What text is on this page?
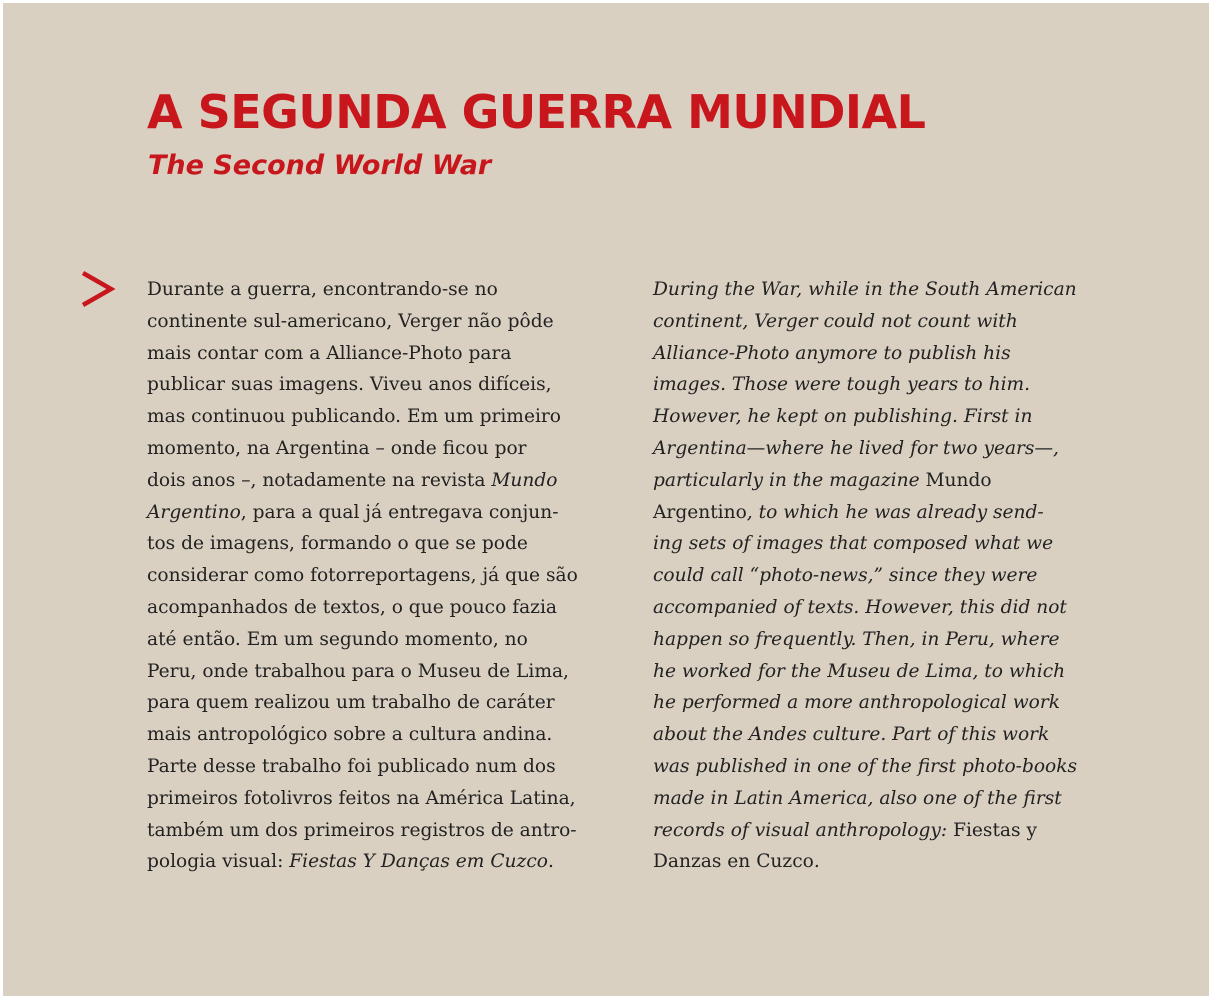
A SEGUNDA GUERRA MUNDIAL
The Second World War
Durante a guerra, encontrando-se no
continente sul-americano, Verger não pôde
mais contar com a Alliance-Photo para
publicar suas imagens. Viveu anos difíceis,
mas continuou publicando. Em um primeiro
momento, na Argentina – onde ficou por
dois anos –, notadamente na revista Mundo
Argentino, para a qual já entregava conjun-
tos de imagens, formando o que se pode
considerar como fotorreportagens, já que são
acompanhados de textos, o que pouco fazia
até então. Em um segundo momento, no
Peru, onde trabalhou para o Museu de Lima,
para quem realizou um trabalho de caráter
mais antropológico sobre a cultura andina.
Parte desse trabalho foi publicado num dos
primeiros fotolivros feitos na América Latina,
também um dos primeiros registros de antro-
pologia visual: Fiestas Y Danças em Cuzco.
During the War, while in the South American
continent, Verger could not count with
Alliance-Photo anymore to publish his
images. Those were tough years to him.
However, he kept on publishing. First in
Argentina—where he lived for two years—,
particularly in the magazine Mundo
Argentino, to which he was already send-
ing sets of images that composed what we
could call “photo-news,” since they were
accompanied of texts. However, this did not
happen so frequently. Then, in Peru, where
he worked for the Museu de Lima, to which
he performed a more anthropological work
about the Andes culture. Part of this work
was published in one of the first photo-books
made in Latin America, also one of the first
records of visual anthropology: Fiestas y
Danzas en Cuzco.
